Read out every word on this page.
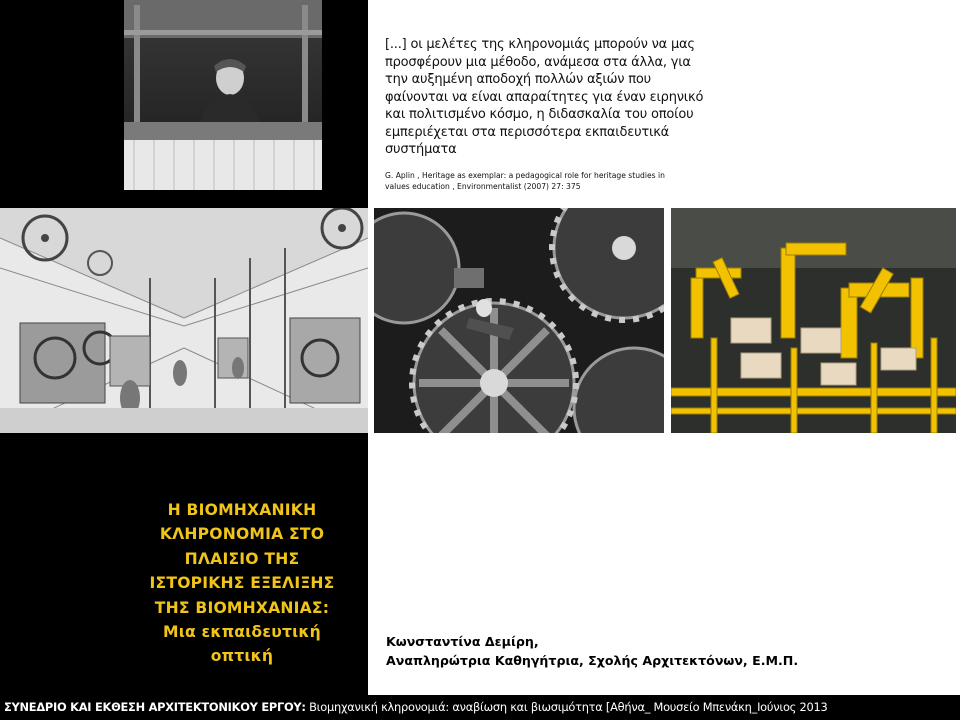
[...] οι μελέτες της κληρονομιάς μπορούν να μας
προσφέρουν μια μέθοδο, ανάμεσα στα άλλα, για
την αυξημένη αποδοχή πολλών αξιών που
φαίνονται να είναι απαραίτητες για έναν ειρηνικό
και πολιτισμένο κόσμο, η διδασκαλία του οποίου
εμπεριέχεται στα περισσότερα εκπαιδευτικά
συστήματα
G. Aplin , Heritage as exemplar: a pedagogical role for heritage studies in
values education , Environmentalist (2007) 27: 375
Η ΒΙΟΜΗΧΑΝΙΚΗ
ΚΛΗΡΟΝΟΜΙΑ ΣΤΟ
ΠΛΑΙΣΙΟ ΤΗΣ
ΙΣΤΟΡΙΚΗΣ ΕΞΕΛΙΞΗΣ
ΤΗΣ ΒΙΟΜΗΧΑΝΙΑΣ:
Μια εκπαιδευτική
οπτική
Κωνσταντίνα Δεμίρη,
Αναπληρώτρια Καθηγήτρια, Σχολής Αρχιτεκτόνων, Ε.Μ.Π.
ΣΥΝΕΔΡΙΟ ΚΑΙ ΕΚΘΕΣΗ ΑΡΧΙΤΕΚΤΟΝΙΚΟΥ ΕΡΓΟΥ: Βιομηχανική κληρονομιά: αναβίωση και βιωσιμότητα [Αθήνα_ Μουσείο Μπενάκη_Ιούνιος 2013
